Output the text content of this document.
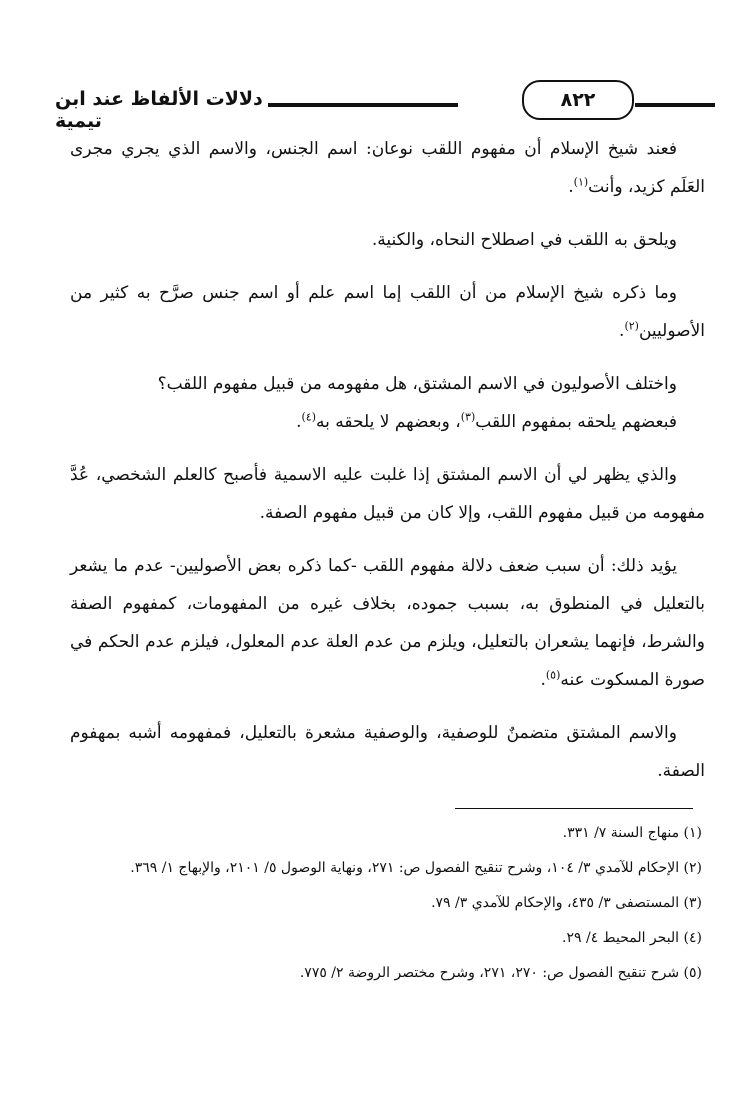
دلالات الألفاظ عند ابن تيمية
٨٢٢

فعند شيخ الإسلام أن مفهوم اللقب نوعان: اسم الجنس، والاسم الذي يجري مجرى العَلَم كزيد، وأنت$^{(١)}$.

ويلحق به اللقب في اصطلاح النحاه، والكنية.

وما ذكره شيخ الإسلام من أن اللقب إما اسم علم أو اسم جنس صرَّح به كثير من الأصوليين$^{(٢)}$.

واختلف الأصوليون في الاسم المشتق، هل مفهومه من قبيل مفهوم اللقب؟

فبعضهم يلحقه بمفهوم اللقب$^{(٣)}$، وبعضهم لا يلحقه به$^{(٤)}$.

والذي يظهر لي أن الاسم المشتق إذا غلبت عليه الاسمية فأصبح كالعلم الشخصي، عُدَّ مفهومه من قبيل مفهوم اللقب، وإلا كان من قبيل مفهوم الصفة.

يؤيد ذلك: أن سبب ضعف دلالة مفهوم اللقب -كما ذكره بعض الأصوليين- عدم ما يشعر بالتعليل في المنطوق به، بسبب جموده، بخلاف غيره من المفهومات، كمفهوم الصفة والشرط، فإنهما يشعران بالتعليل، ويلزم من عدم العلة عدم المعلول، فيلزم عدم الحكم في صورة المسكوت عنه$^{(٥)}$.

والاسم المشتق متضمنٌ للوصفية، والوصفية مشعرة بالتعليل، فمفهومه أشبه بمهفوم الصفة.

(١) منهاج السنة ٧/ ٣٣١.
(٢) الإحكام للآمدي ٣/ ١٠٤، وشرح تنقيح الفصول ص: ٢٧١، ونهاية الوصول ٥/ ٢١٠١، والإبهاج ١/ ٣٦٩.
(٣) المستصفى ٣/ ٤٣٥، والإحكام للآمدي ٣/ ٧٩.
(٤) البحر المحيط ٤/ ٢٩.
(٥) شرح تنقيح الفصول ص: ٢٧٠، ٢٧١، وشرح مختصر الروضة ٢/ ٧٧٥.
